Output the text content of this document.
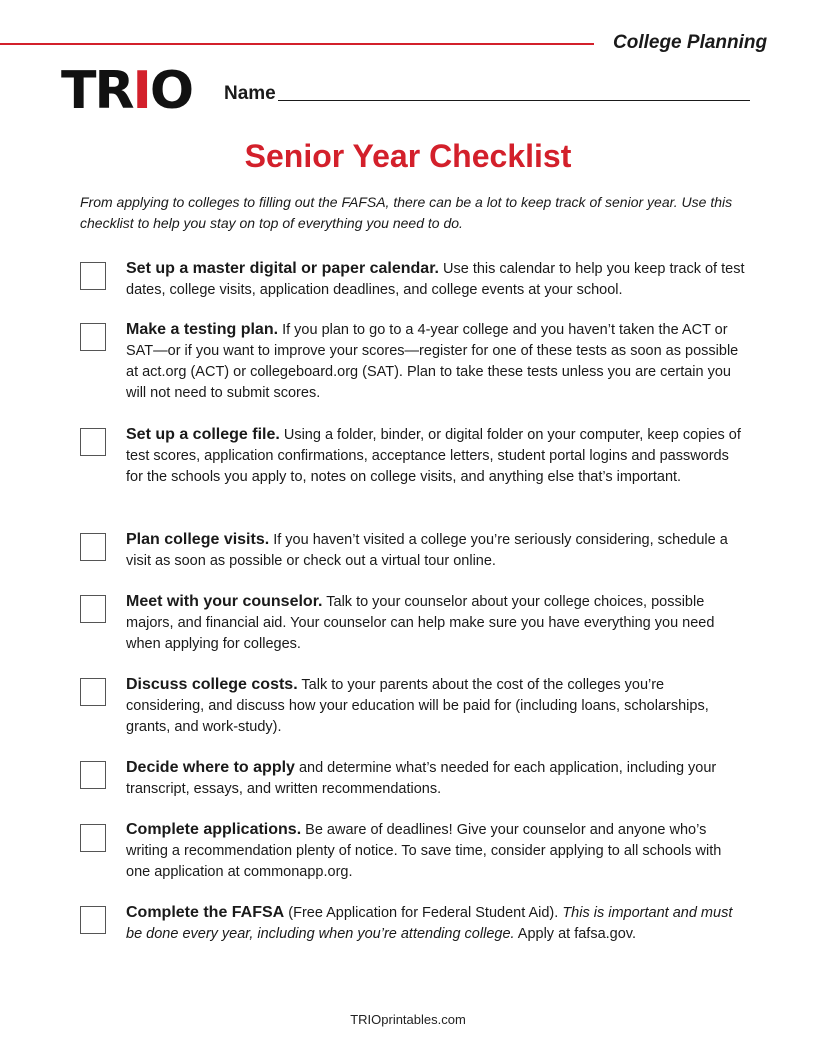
College Planning
T R I O Name
Senior Year Checklist
From applying to colleges to filling out the FAFSA, there can be a lot to keep track of senior year. Use this checklist to help you stay on top of everything you need to do.
Set up a master digital or paper calendar. Use this calendar to help you keep track of test dates, college visits, application deadlines, and college events at your school.
Make a testing plan. If you plan to go to a 4-year college and you haven’t taken the ACT or SAT—or if you want to improve your scores—register for one of these tests as soon as possible at act.org (ACT) or collegeboard.org (SAT). Plan to take these tests unless you are certain you will not need to submit scores.
Set up a college file. Using a folder, binder, or digital folder on your computer, keep copies of test scores, application confirmations, acceptance letters, student portal logins and passwords for the schools you apply to, notes on college visits, and anything else that’s important.
Plan college visits. If you haven’t visited a college you’re seriously considering, schedule a visit as soon as possible or check out a virtual tour online.
Meet with your counselor. Talk to your counselor about your college choices, possible majors, and financial aid. Your counselor can help make sure you have everything you need when applying for colleges.
Discuss college costs. Talk to your parents about the cost of the colleges you’re considering, and discuss how your education will be paid for (including loans, scholarships, grants, and work-study).
Decide where to apply and determine what’s needed for each application, including your transcript, essays, and written recommendations.
Complete applications. Be aware of deadlines! Give your counselor and anyone who’s writing a recommendation plenty of notice. To save time, consider applying to all schools with one application at commonapp.org.
Complete the FAFSA (Free Application for Federal Student Aid). This is important and must be done every year, including when you’re attending college. Apply at fafsa.gov.
TRIOprintables.com
